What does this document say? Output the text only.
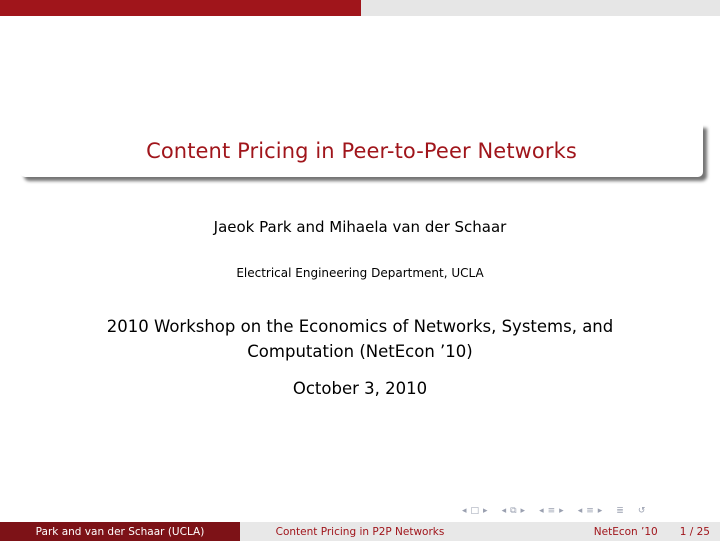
Content Pricing in Peer-to-Peer Networks
Jaeok Park and Mihaela van der Schaar
Electrical Engineering Department, UCLA
2010 Workshop on the Economics of Networks, Systems, and
Computation (NetEcon ’10)
October 3, 2010
◂ □ ▸ ◂ ⧉ ▸ ◂ ≡ ▸ ◂ ≡ ▸ ≣ ↺
Park and van der Schaar (UCLA)	Content Pricing in P2P Networks	NetEcon ’10 1 / 25
